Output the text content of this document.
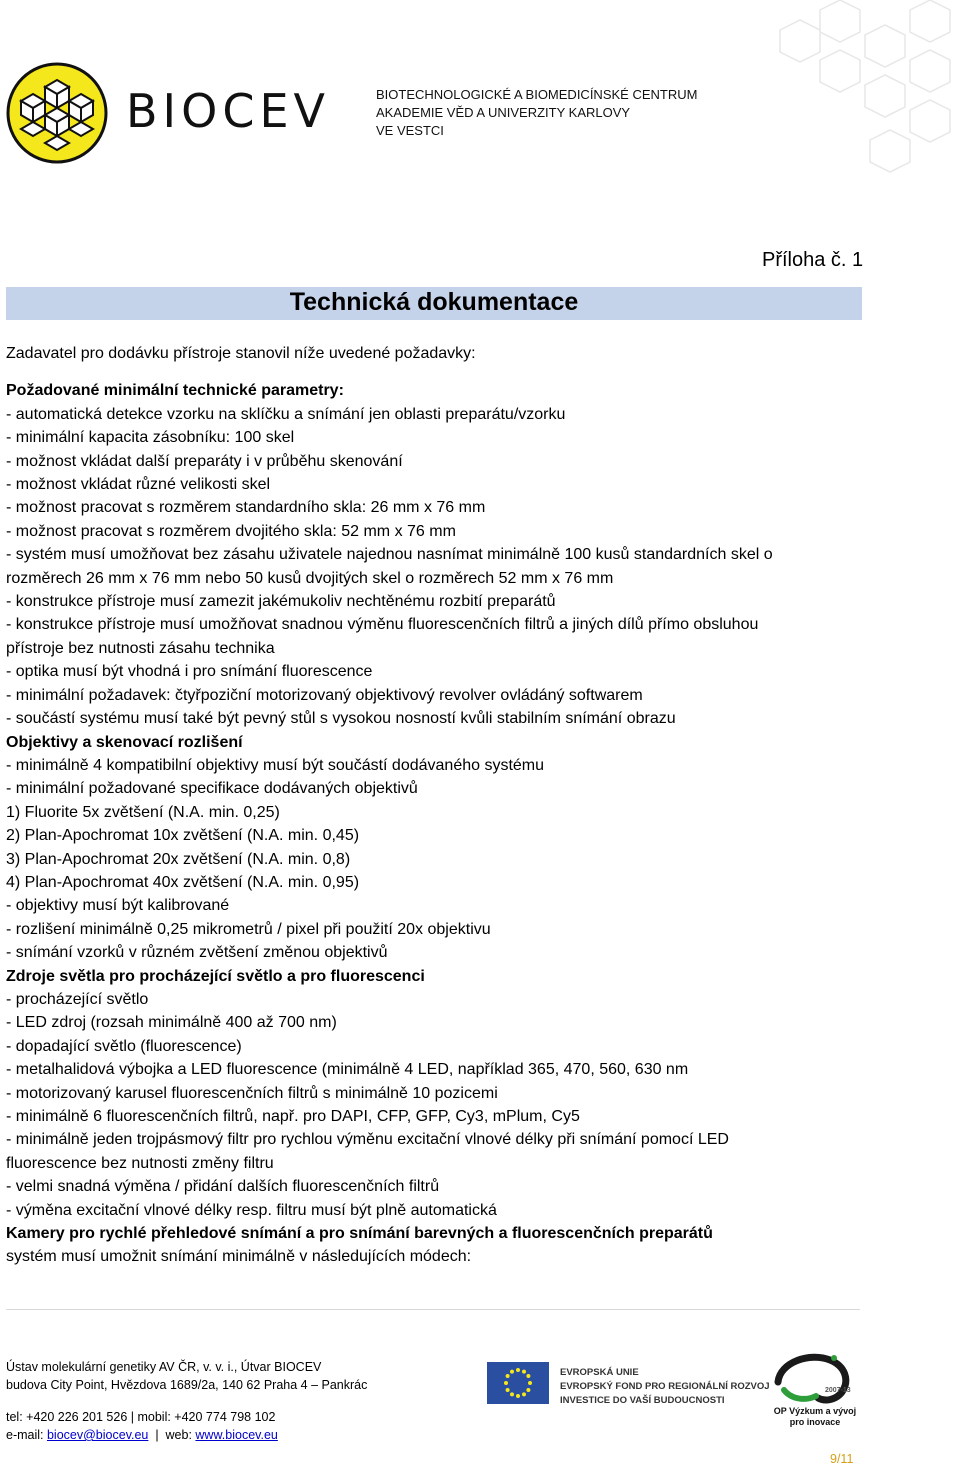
BIOCEV	BIOTECHNOLOGICKÉ A BIOMEDICÍNSKÉ CENTRUM
AKADEMIE VĚD A UNIVERZITY KARLOVY
VE VESTCI
Příloha č. 1
Technická dokumentace

Zadavatel pro dodávku přístroje stanovil níže uvedené požadavky:

Požadované minimální technické parametry:

- automatická detekce vzorku na sklíčku a snímání jen oblasti preparátu/vzorku

- minimální kapacita zásobníku: 100 skel

- možnost vkládat další preparáty i v průběhu skenování

- možnost vkládat různé velikosti skel

- možnost pracovat s rozměrem standardního skla: 26 mm x 76 mm

- možnost pracovat s rozměrem dvojitého skla: 52 mm x 76 mm

- systém musí umožňovat bez zásahu uživatele najednou nasnímat minimálně 100 kusů standardních skel o

rozměrech 26 mm x 76 mm nebo 50 kusů dvojitých skel o rozměrech 52 mm x 76 mm

- konstrukce přístroje musí zamezit jakémukoliv nechtěnému rozbití preparátů

- konstrukce přístroje musí umožňovat snadnou výměnu fluorescenčních filtrů a jiných dílů přímo obsluhou

přístroje bez nutnosti zásahu technika

- optika musí být vhodná i pro snímání fluorescence

- minimální požadavek: čtyřpoziční motorizovaný objektivový revolver ovládáný softwarem

- součástí systému musí také být pevný stůl s vysokou nosností kvůli stabilním snímání obrazu

Objektivy a skenovací rozlišení

- minimálně 4 kompatibilní objektivy musí být součástí dodávaného systému

- minimální požadované specifikace dodávaných objektivů

1) Fluorite 5x zvětšení (N.A. min. 0,25)

2) Plan-Apochromat 10x zvětšení (N.A. min. 0,45)

3) Plan-Apochromat 20x zvětšení (N.A. min. 0,8)

4) Plan-Apochromat 40x zvětšení (N.A. min. 0,95)

- objektivy musí být kalibrované

- rozlišení minimálně 0,25 mikrometrů / pixel při použití 20x objektivu

- snímání vzorků v různém zvětšení změnou objektivů

Zdroje světla pro procházející světlo a pro fluorescenci

- procházející světlo

- LED zdroj (rozsah minimálně 400 až 700 nm)

- dopadající světlo (fluorescence)

- metalhalidová výbojka a LED fluorescence (minimálně 4 LED, například 365, 470, 560, 630 nm

- motorizovaný karusel fluorescenčních filtrů s minimálně 10 pozicemi

- minimálně 6 fluorescenčních filtrů, např. pro DAPI, CFP, GFP, Cy3, mPlum, Cy5

- minimálně jeden trojpásmový filtr pro rychlou výměnu excitační vlnové délky při snímání pomocí LED

fluorescence bez nutnosti změny filtru

- velmi snadná výměna / přidání dalších fluorescenčních filtrů

- výměna excitační vlnové délky resp. filtru musí být plně automatická

Kamery pro rychlé přehledové snímání a pro snímání barevných a fluorescenčních preparátů

systém musí umožnit snímání minimálně v následujících módech:

Ústav molekulární genetiky AV ČR, v. v. i., Útvar BIOCEV
budova City Point, Hvězdova 1689/2a, 140 62 Praha 4 – Pankrác
tel: +420 226 201 526 | mobil: +420 774 798 102
e-mail: biocev@biocev.eu  |  web: www.biocev.eu
EVROPSKÁ UNIE
EVROPSKÝ FOND PRO REGIONÁLNÍ ROZVOJ
INVESTICE DO VAŠÍ BUDOUCNOSTI
2007-13
OP Výzkum a vývoj
pro inovace
9/11
